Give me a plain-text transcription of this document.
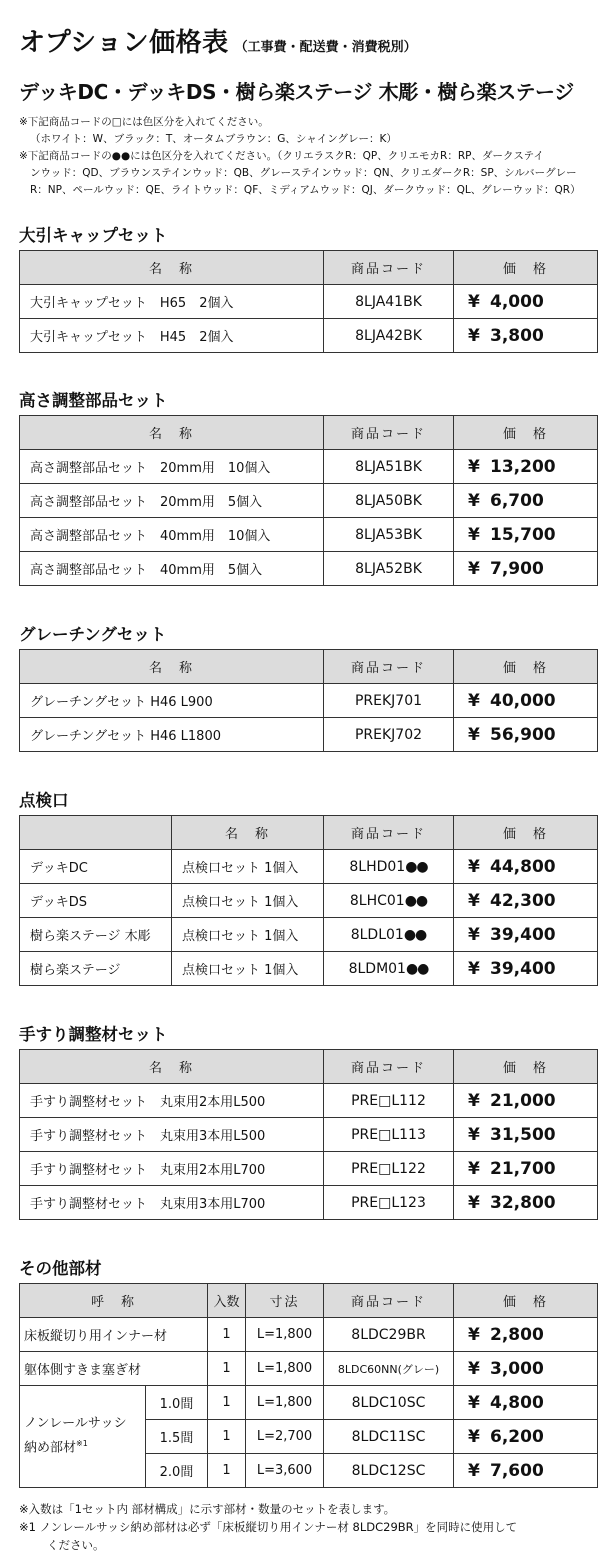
オプション価格表 （工事費・配送費・消費税別）
デッキDC・デッキDS・樹ら楽ステージ 木彫・樹ら楽ステージ
※下記商品コードの□には色区分を入れてください。
（ホワイト：W、ブラック：T、オータムブラウン：G、シャイングレー：K）
※下記商品コードの●●には色区分を入れてください。（クリエラスクR：QP、クリエモカR：RP、ダークステイ
ンウッド：QD、ブラウンステインウッド：QB、グレーステインウッド：QN、クリエダークR：SP、シルバーグレー
R：NP、ペールウッド：QE、ライトウッド：QF、ミディアムウッド：QJ、ダークウッド：QL、グレーウッド：QR）
大引キャップセット
名　称	商品コード	価　格
大引キャップセット　H65　2個入	8LJA41BK	¥ 4,000
大引キャップセット　H45　2個入	8LJA42BK	¥ 3,800
高さ調整部品セット
名　称	商品コード	価　格
高さ調整部品セット　20mm用　10個入	8LJA51BK	¥ 13,200
高さ調整部品セット　20mm用　5個入	8LJA50BK	¥ 6,700
高さ調整部品セット　40mm用　10個入	8LJA53BK	¥ 15,700
高さ調整部品セット　40mm用　5個入	8LJA52BK	¥ 7,900
グレーチングセット
名　称	商品コード	価　格
グレーチングセット H46 L900	PREKJ701	¥ 40,000
グレーチングセット H46 L1800	PREKJ702	¥ 56,900
点検口
	名　称	商品コード	価　格
デッキDC	点検口セット 1個入	8LHD01●●	¥ 44,800
デッキDS	点検口セット 1個入	8LHC01●●	¥ 42,300
樹ら楽ステージ 木彫	点検口セット 1個入	8LDL01●●	¥ 39,400
樹ら楽ステージ	点検口セット 1個入	8LDM01●●	¥ 39,400
手すり調整材セット
名　称	商品コード	価　格
手すり調整材セット　丸束用2本用L500	PRE□L112	¥ 21,000
手すり調整材セット　丸束用3本用L500	PRE□L113	¥ 31,500
手すり調整材セット　丸束用2本用L700	PRE□L122	¥ 21,700
手すり調整材セット　丸束用3本用L700	PRE□L123	¥ 32,800
その他部材
呼　称		入数	寸法	商品コード	価　格
床板縦切り用インナー材		1	L=1,800	8LDC29BR	¥ 2,800
躯体側すきま塞ぎ材		1	L=1,800	8LDC60NN(グレー)	¥ 3,000

ノンレールサッシ
納め部材$^{※1}$	1.0間	1	L=1,800	8LDC10SC	¥ 4,800
	1.5間	1	L=2,700	8LDC11SC	¥ 6,200
	2.0間	1	L=3,600	8LDC12SC	¥ 7,600
※入数は「1セット内 部材構成」に示す部材・数量のセットを表します。
※1 ノンレールサッシ納め部材は必ず「床板縦切り用インナー材 8LDC29BR」を同時に使用して
ください。
